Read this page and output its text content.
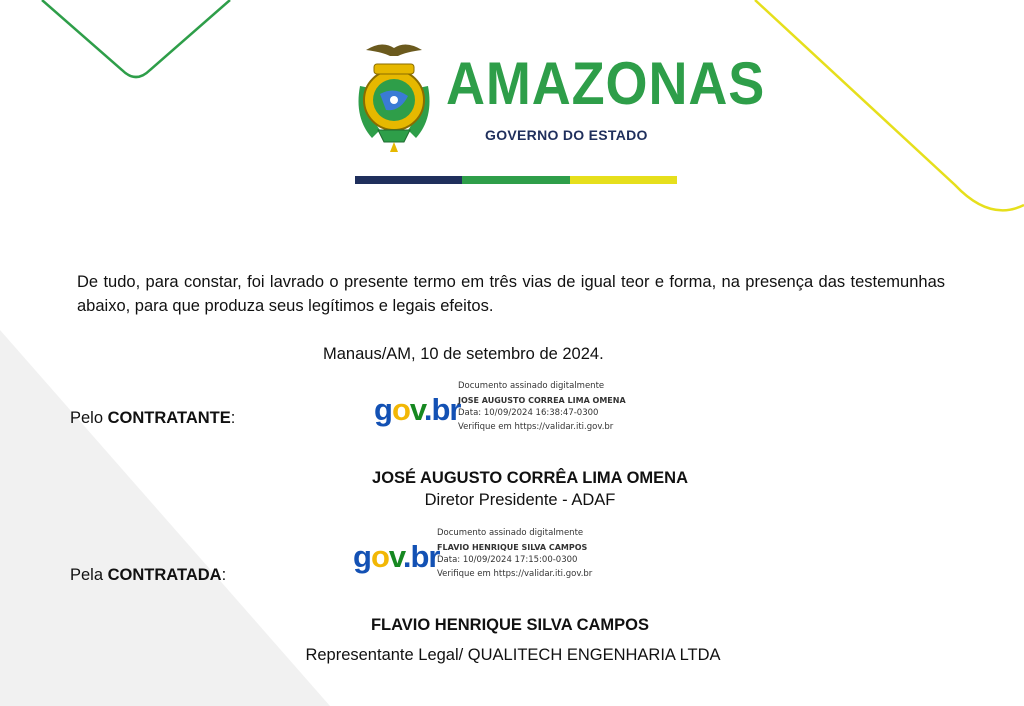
AMAZONAS
GOVERNO DO ESTADO
De tudo, para constar, foi lavrado o presente termo em três vias de igual teor e forma, na presença das testemunhas abaixo, para que produza seus legítimos e legais efeitos.
Manaus/AM, 10 de setembro de 2024.
Pelo CONTRATANTE:	gov.br
Documento assinado digitalmente
JOSE AUGUSTO CORREA LIMA OMENA
Data: 10/09/2024 16:38:47-0300
Verifique em https://validar.iti.gov.br
JOSÉ AUGUSTO CORRÊA LIMA OMENA
Diretor Presidente - ADAF
Pela CONTRATADA:
gov.br
Documento assinado digitalmente
FLAVIO HENRIQUE SILVA CAMPOS
Data: 10/09/2024 17:15:00-0300
Verifique em https://validar.iti.gov.br
FLAVIO HENRIQUE SILVA CAMPOS
Representante Legal/ QUALITECH ENGENHARIA LTDA
